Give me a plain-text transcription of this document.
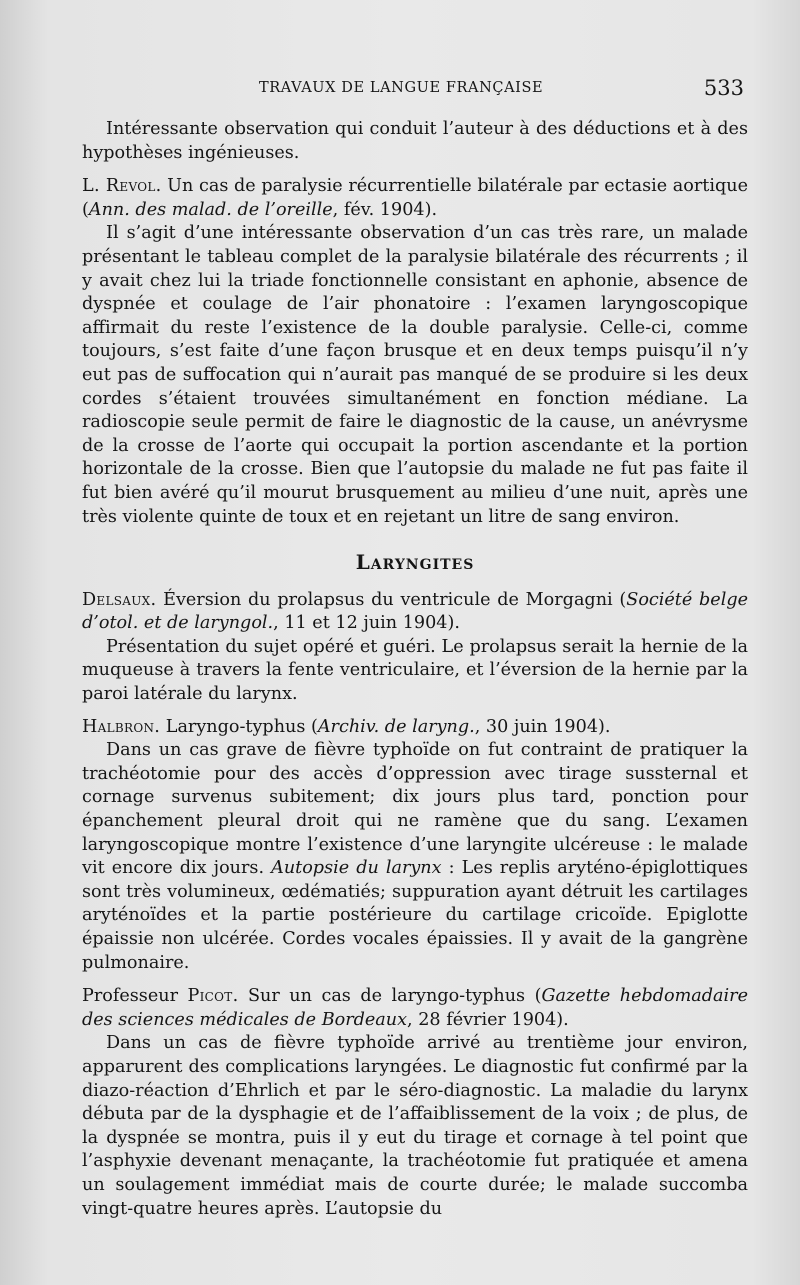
TRAVAUX DE LANGUE FRANÇAISE	533

Intéressante observation qui conduit l’auteur à des déductions et à des hypothèses ingénieuses.

L. Revol. Un cas de paralysie récurrentielle bilatérale par ectasie aortique (Ann. des malad. de l’oreille, fév. 1904).

Il s’agit d’une intéressante observation d’un cas très rare, un malade présentant le tableau complet de la paralysie bilatérale des récurrents ; il y avait chez lui la triade fonctionnelle consistant en aphonie, absence de dyspnée et coulage de l’air phonatoire : l’examen laryngoscopique affirmait du reste l’existence de la double paralysie. Celle-ci, comme toujours, s’est faite d’une façon brusque et en deux temps puisqu’il n’y eut pas de suffocation qui n’aurait pas manqué de se produire si les deux cordes s’étaient trouvées simultanément en fonction médiane. La radioscopie seule permit de faire le diagnostic de la cause, un anévrysme de la crosse de l’aorte qui occupait la portion ascendante et la portion horizontale de la crosse. Bien que l’autopsie du malade ne fut pas faite il fut bien avéré qu’il mourut brusquement au milieu d’une nuit, après une très violente quinte de toux et en rejetant un litre de sang environ.

Laryngites

Delsaux. Éversion du prolapsus du ventricule de Morgagni (Société belge d’otol. et de laryngol., 11 et 12 juin 1904).

Présentation du sujet opéré et guéri. Le prolapsus serait la hernie de la muqueuse à travers la fente ventriculaire, et l’éversion de la hernie par la paroi latérale du larynx.

Halbron. Laryngo-typhus (Archiv. de laryng., 30 juin 1904).

Dans un cas grave de fièvre typhoïde on fut contraint de pratiquer la trachéotomie pour des accès d’oppression avec tirage sussternal et cornage survenus subitement; dix jours plus tard, ponction pour épanchement pleural droit qui ne ramène que du sang. L’examen laryngoscopique montre l’existence d’une laryngite ulcéreuse : le malade vit encore dix jours. Autopsie du larynx : Les replis aryténo-épiglottiques sont très volumineux, œdématiés; suppuration ayant détruit les cartilages aryténoïdes et la partie postérieure du cartilage cricoïde. Epiglotte épaissie non ulcérée. Cordes vocales épaissies. Il y avait de la gangrène pulmonaire.

Professeur Picot. Sur un cas de laryngo-typhus (Gazette hebdomadaire des sciences médicales de Bordeaux, 28 février 1904).

Dans un cas de fièvre typhoïde arrivé au trentième jour environ, apparurent des complications laryngées. Le diagnostic fut confirmé par la diazo-réaction d’Ehrlich et par le séro-diagnostic. La maladie du larynx débuta par de la dysphagie et de l’affaiblissement de la voix ; de plus, de la dyspnée se montra, puis il y eut du tirage et cornage à tel point que l’asphyxie devenant menaçante, la trachéotomie fut pratiquée et amena un soulagement immédiat mais de courte durée; le malade succomba vingt-quatre heures après. L’autopsie du
